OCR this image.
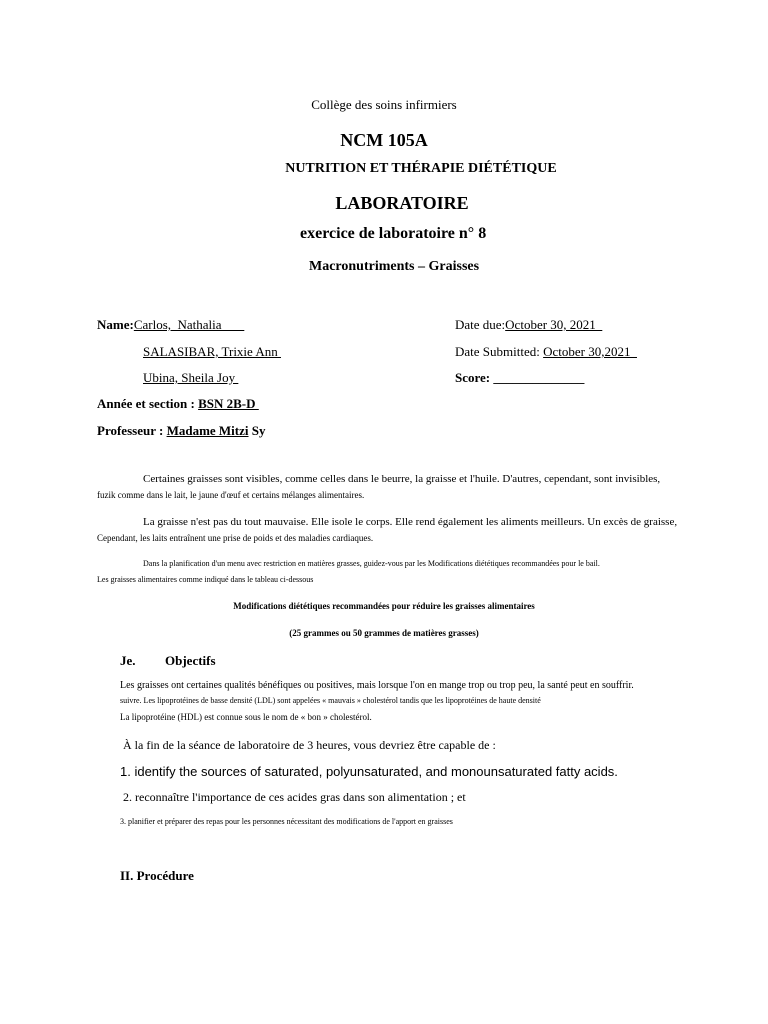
Collège des soins infirmiers
NCM 105A
NUTRITION ET THÉRAPIE DIÉTÉTIQUE
LABORATOIRE
exercice de laboratoire n° 8
Macronutriments – Graisses
Name:Carlos,  Nathalia
SALASIBAR, Trixie Ann
Ubina, Sheila Joy
Date due:October 30, 2021
Date Submitted: October 30,2021
Score: ______________
Année et section : BSN 2B-D
Professeur : Madame Mitzi Sy
Certaines graisses sont visibles, comme celles dans le beurre, la graisse et l'huile. D'autres, cependant, sont invisibles,
fuzik comme dans le lait, le jaune d'œuf et certains mélanges alimentaires.
La graisse n'est pas du tout mauvaise. Elle isole le corps. Elle rend également les aliments meilleurs. Un excès de graisse,
Cependant, les laits entraînent une prise de poids et des maladies cardiaques.
Dans la planification d'un menu avec restriction en matières grasses, guidez-vous par les Modifications diététiques recommandées pour le bail.
Les graisses alimentaires comme indiqué dans le tableau ci-dessous
Modifications diététiques recommandées pour réduire les graisses alimentaires
(25 grammes ou 50 grammes de matières grasses)
Je. Objectifs
Les graisses ont certaines qualités bénéfiques ou positives, mais lorsque l'on en mange trop ou trop peu, la santé peut en souffrir.
suivre. Les lipoprotéines de basse densité (LDL) sont appelées « mauvais » cholestérol tandis que les lipoprotéines de haute densité
La lipoprotéine (HDL) est connue sous le nom de « bon » cholestérol.
À la fin de la séance de laboratoire de 3 heures, vous devriez être capable de :
1. identify the sources of saturated, polyunsaturated, and monounsaturated fatty acids.
2. reconnaître l'importance de ces acides gras dans son alimentation ; et
3. planifier et préparer des repas pour les personnes nécessitant des modifications de l'apport en graisses
II. Procédure
